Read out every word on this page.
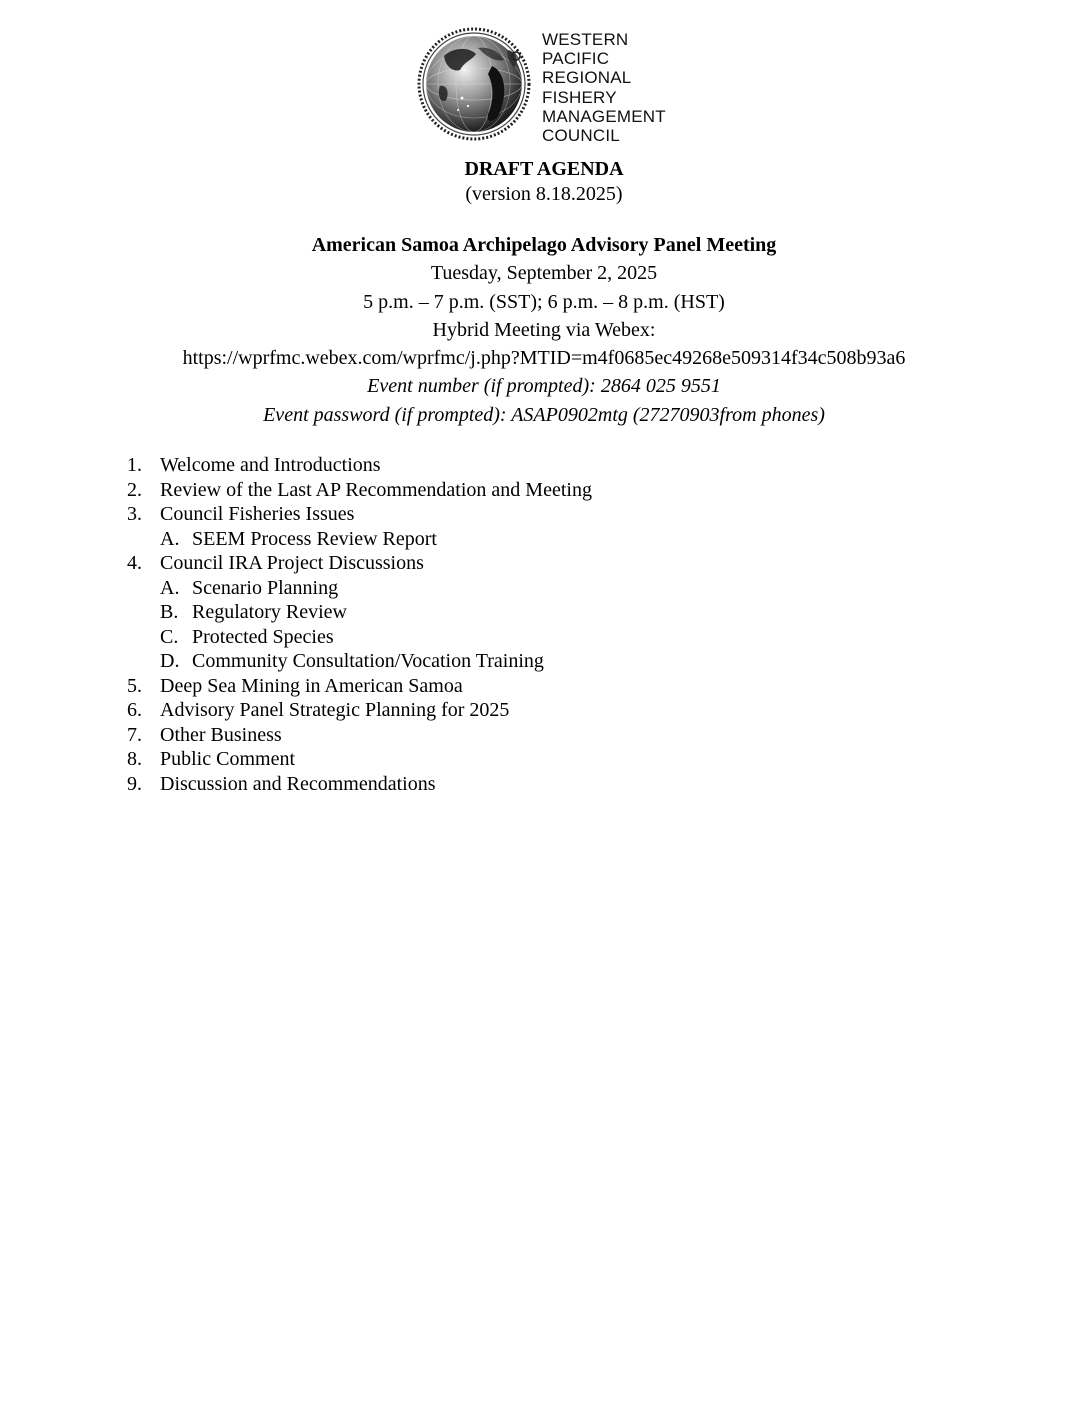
WESTERN
PACIFIC
REGIONAL
FISHERY
MANAGEMENT
COUNCIL
DRAFT AGENDA
(version 8.18.2025)
American Samoa Archipelago Advisory Panel Meeting
Tuesday, September 2, 2025
5 p.m. – 7 p.m. (SST); 6 p.m. – 8 p.m. (HST)
Hybrid Meeting via Webex:
https://wprfmc.webex.com/wprfmc/j.php?MTID=m4f0685ec49268e509314f34c508b93a6
Event number (if prompted): 2864 025 9551
Event password (if prompted): ASAP0902mtg (27270903from phones)
1. Welcome and Introductions
2. Review of the Last AP Recommendation and Meeting
3. Council Fisheries Issues
A. SEEM Process Review Report
4. Council IRA Project Discussions
A. Scenario Planning
B. Regulatory Review
C. Protected Species
D. Community Consultation/Vocation Training
5. Deep Sea Mining in American Samoa
6. Advisory Panel Strategic Planning for 2025
7. Other Business
8. Public Comment
9. Discussion and Recommendations
